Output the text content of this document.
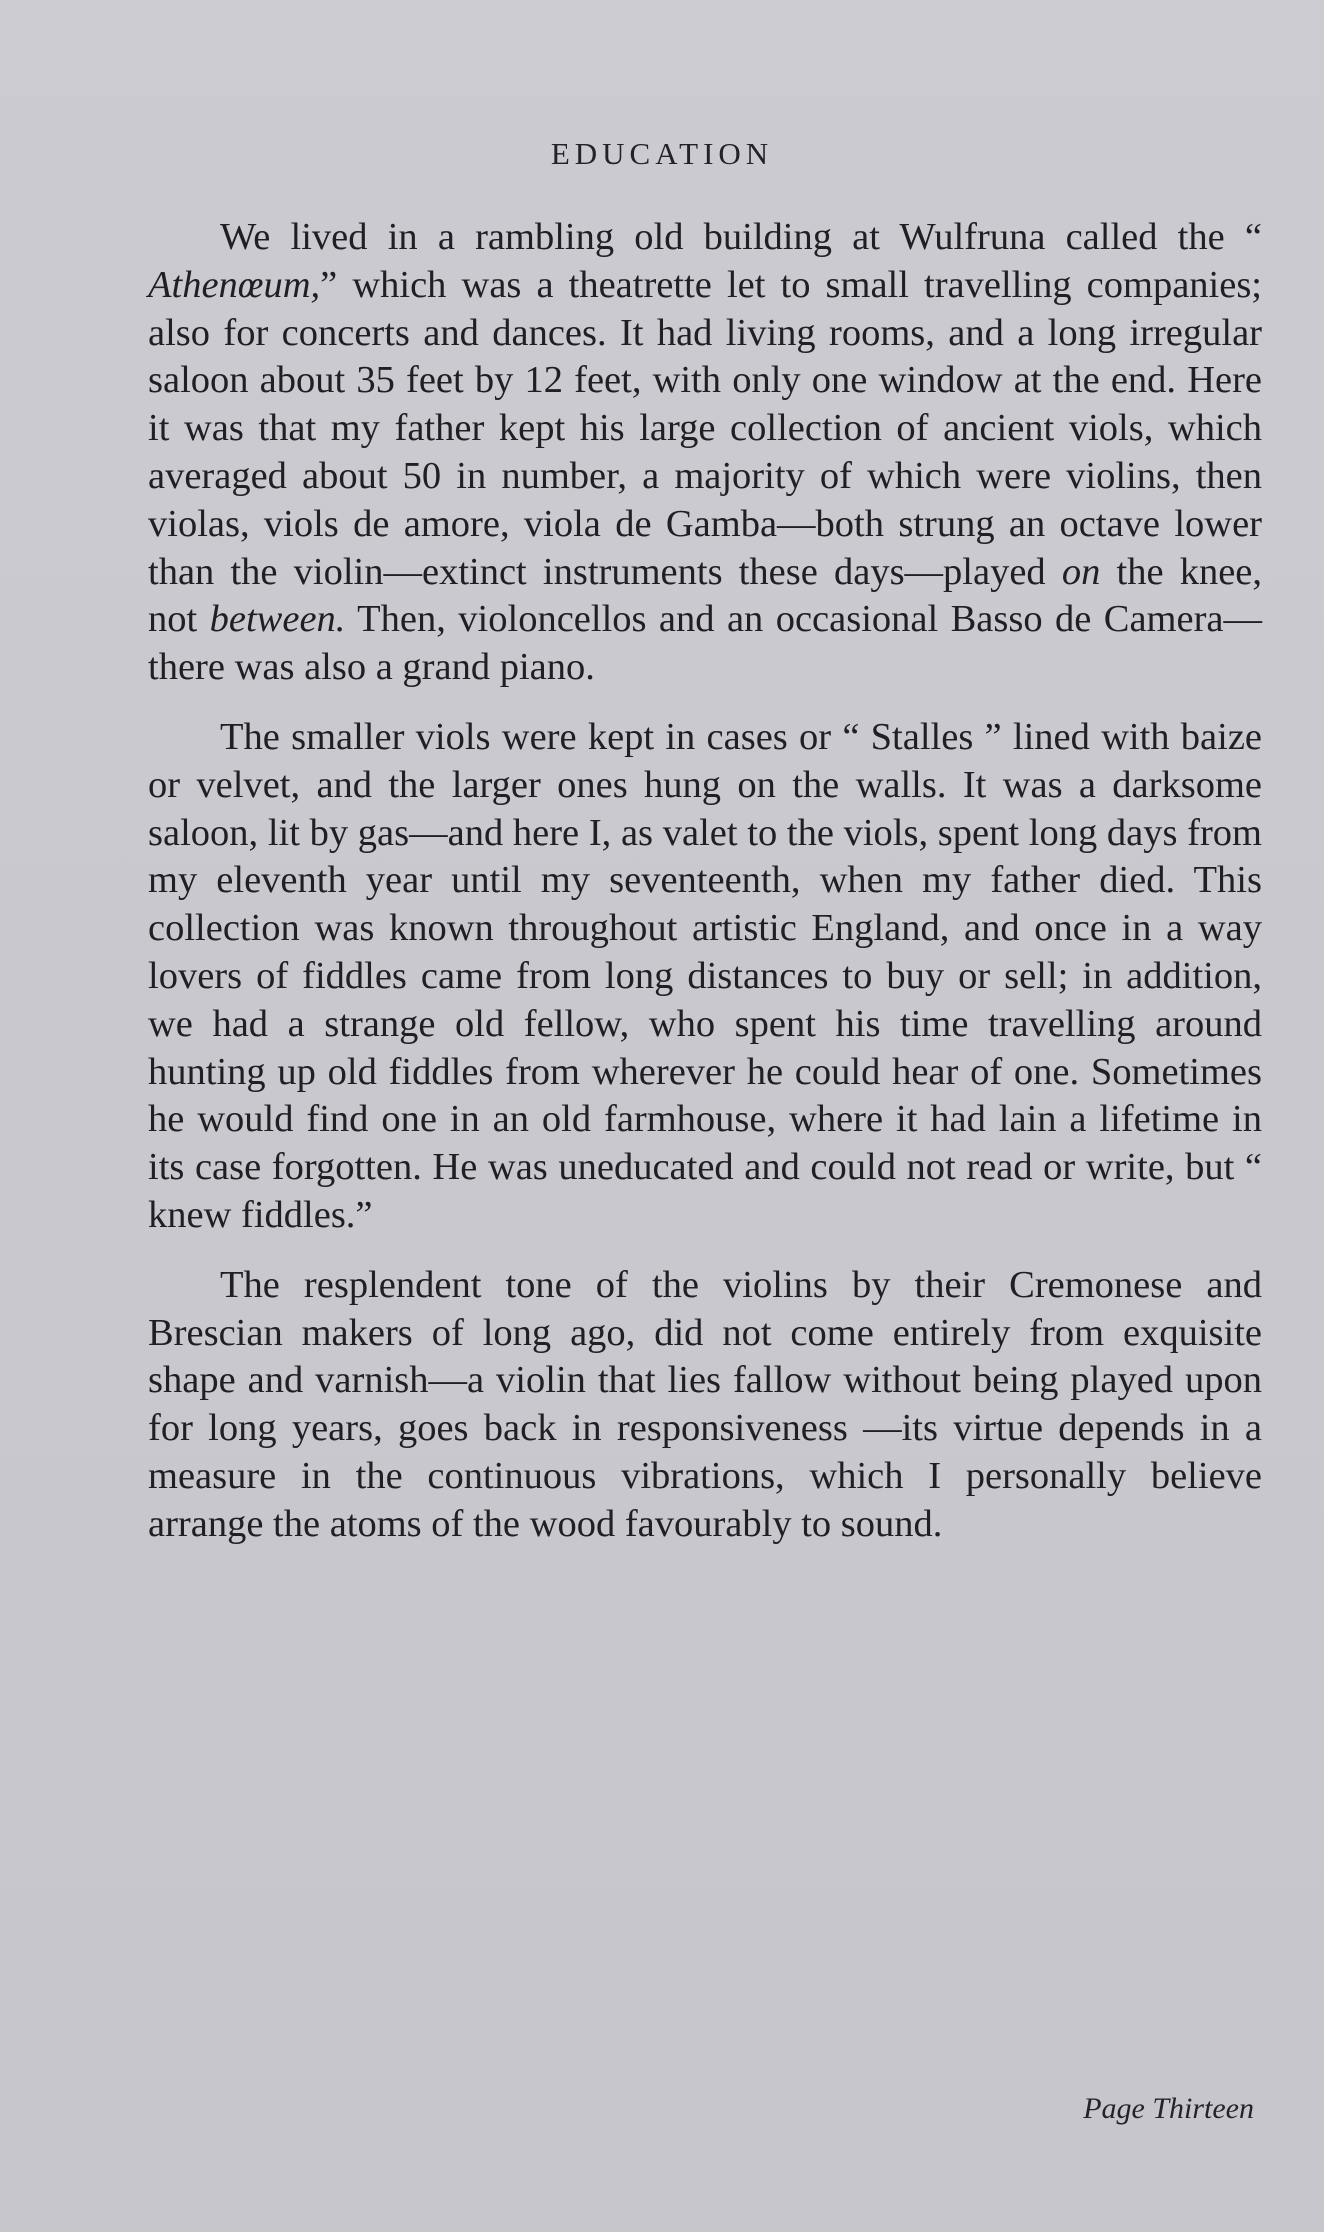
EDUCATION

We lived in a rambling old building at Wulfruna called the “ Athenœum,” which was a theatrette let to small travelling companies; also for concerts and dances. It had living rooms, and a long irregular saloon about 35 feet by 12 feet, with only one window at the end. Here it was that my father kept his large collection of ancient viols, which averaged about 50 in number, a majority of which were violins, then violas, viols de amore, viola de Gamba—both strung an octave lower than the violin—extinct instruments these days—played on the knee, not between. Then, violoncellos and an occasional Basso de Camera—there was also a grand piano.

The smaller viols were kept in cases or “ Stalles ” lined with baize or velvet, and the larger ones hung on the walls. It was a darksome saloon, lit by gas—and here I, as valet to the viols, spent long days from my eleventh year until my seventeenth, when my father died. This collection was known throughout artistic England, and once in a way lovers of fiddles came from long distances to buy or sell; in addition, we had a strange old fellow, who spent his time travelling around hunting up old fiddles from wherever he could hear of one. Sometimes he would find one in an old farmhouse, where it had lain a lifetime in its case forgotten. He was uneducated and could not read or write, but “ knew fiddles.”

The resplendent tone of the violins by their Cremonese and Brescian makers of long ago, did not come entirely from exquisite shape and varnish—a violin that lies fallow without being played upon for long years, goes back in responsiveness —its virtue depends in a measure in the continuous vibrations, which I personally believe arrange the atoms of the wood favourably to sound.

Page Thirteen
